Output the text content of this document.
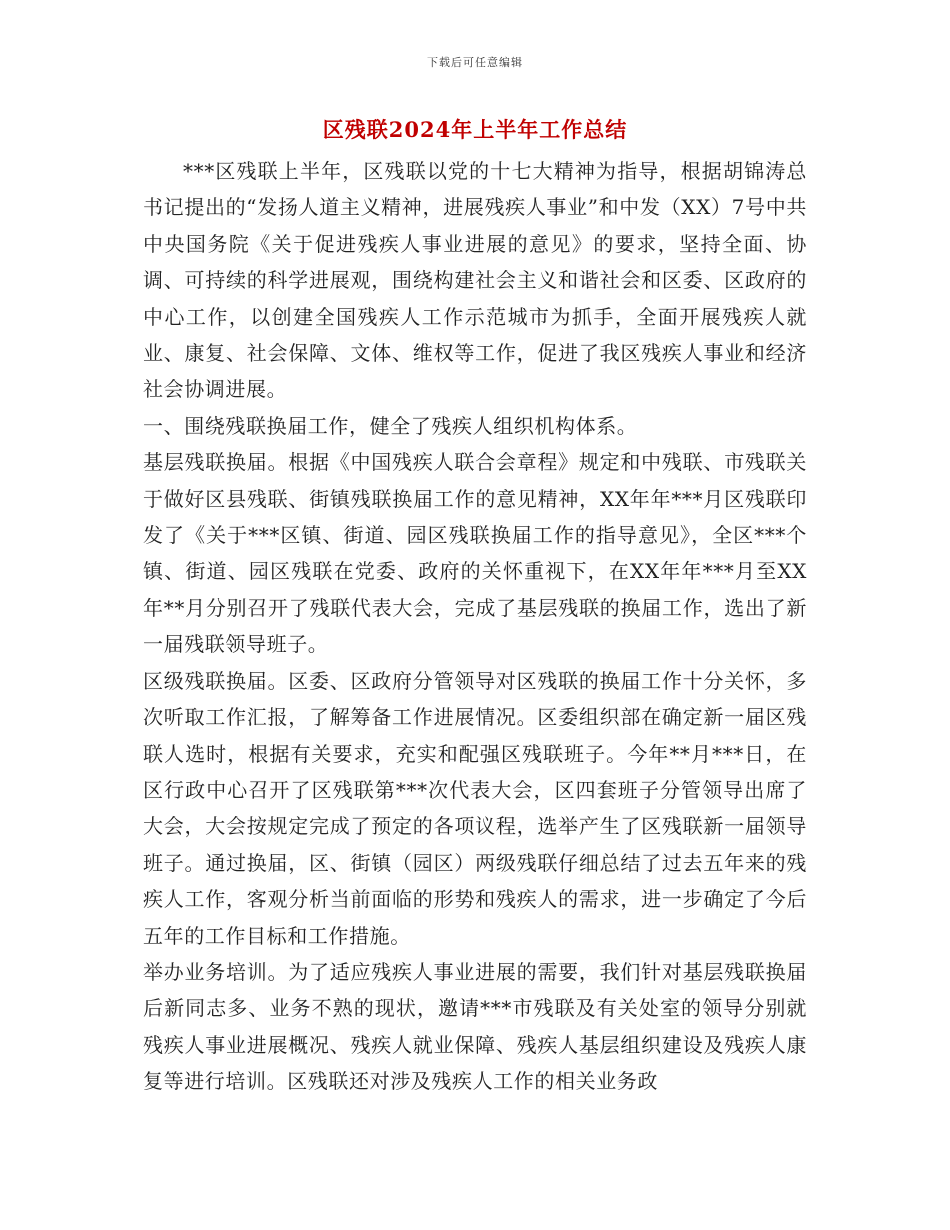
下载后可任意编辑
区残联2024年上半年工作总结

***区残联上半年，区残联以党的十七大精神为指导，根据胡锦涛总书记提出的“发扬人道主义精神，进展残疾人事业”和中发（XX）7号中共中央国务院《关于促进残疾人事业进展的意见》的要求，坚持全面、协调、可持续的科学进展观，围绕构建社会主义和谐社会和区委、区政府的中心工作，以创建全国残疾人工作示范城市为抓手，全面开展残疾人就业、康复、社会保障、文体、维权等工作，促进了我区残疾人事业和经济社会协调进展。

一、围绕残联换届工作，健全了残疾人组织机构体系。

基层残联换届。根据《中国残疾人联合会章程》规定和中残联、市残联关于做好区县残联、街镇残联换届工作的意见精神，XX年年***月区残联印发了《关于***区镇、街道、园区残联换届工作的指导意见》，全区***个镇、街道、园区残联在党委、政府的关怀重视下，在XX年年***月至XX年**月分别召开了残联代表大会，完成了基层残联的换届工作，选出了新一届残联领导班子。

区级残联换届。区委、区政府分管领导对区残联的换届工作十分关怀，多次听取工作汇报，了解筹备工作进展情况。区委组织部在确定新一届区残联人选时，根据有关要求，充实和配强区残联班子。今年**月***日，在区行政中心召开了区残联第***次代表大会，区四套班子分管领导出席了大会，大会按规定完成了预定的各项议程，选举产生了区残联新一届领导班子。通过换届，区、街镇（园区）两级残联仔细总结了过去五年来的残疾人工作，客观分析当前面临的形势和残疾人的需求，进一步确定了今后五年的工作目标和工作措施。

举办业务培训。为了适应残疾人事业进展的需要，我们针对基层残联换届后新同志多、业务不熟的现状，邀请***市残联及有关处室的领导分别就残疾人事业进展概况、残疾人就业保障、残疾人基层组织建设及残疾人康复等进行培训。区残联还对涉及残疾人工作的相关业务政
